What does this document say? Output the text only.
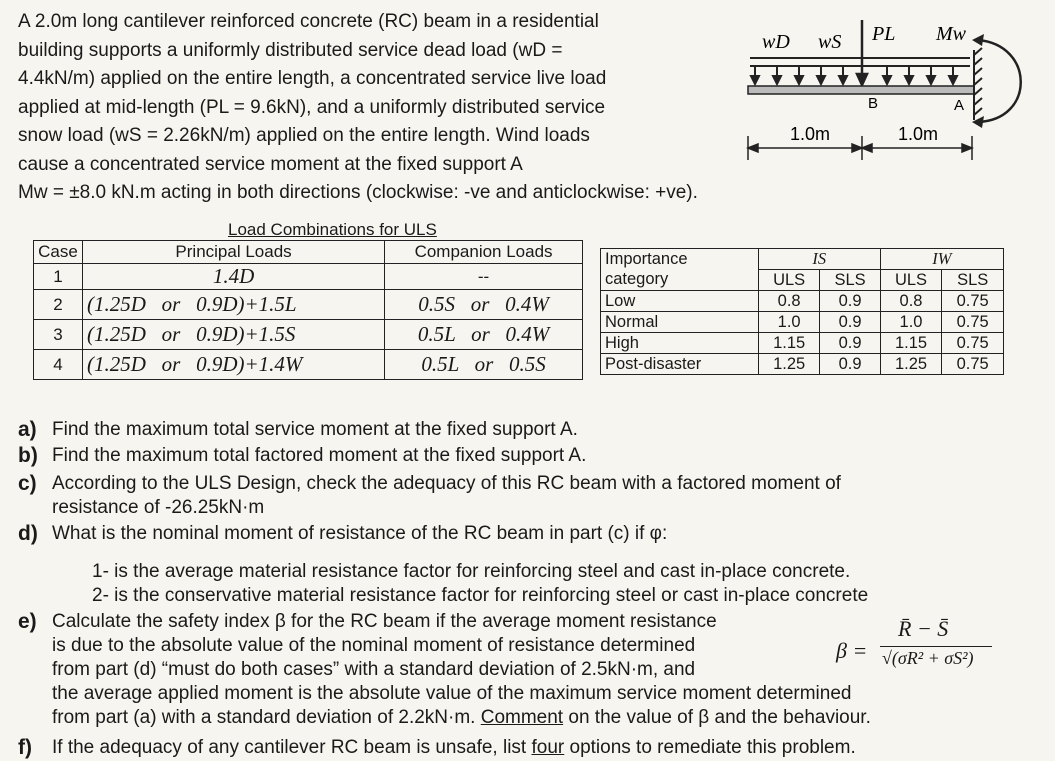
A 2.0m long cantilever reinforced concrete (RC) beam in a residential

building supports a uniformly distributed service dead load (wD =

4.4kN/m) applied on the entire length, a concentrated service live load

applied at mid-length (PL = 9.6kN), and a uniformly distributed service

snow load (wS = 2.26kN/m) applied on the entire length. Wind loads

cause a concentrated service moment at the fixed support A

Mw = ±8.0 kN.m acting in both directions (clockwise: -ve and anticlockwise: +ve).

wD wS PL Mw
B	A
1.0m	1.0m
Load Combinations for ULS
Case	Principal Loads	Companion Loads
1	1.4D	--
2	(1.25D   or   0.9D)+1.5L	0.5S   or   0.4W
3	(1.25D   or   0.9D)+1.5S	0.5L   or   0.4W
4	(1.25D   or   0.9D)+1.4W	0.5L   or   0.5S
Importance	IS		IW	
category	ULS	SLS	ULS	SLS
Low	0.8	0.9	0.8	0.75
Normal	1.0	0.9	1.0	0.75
High	1.15	0.9	1.15	0.75
Post-disaster	1.25	0.9	1.25	0.75
a) Find the maximum total service moment at the fixed support A.
b) Find the maximum total factored moment at the fixed support A.
c) According to the ULS Design, check the adequacy of this RC beam with a factored moment of
resistance of -26.25kN·m
d) What is the nominal moment of resistance of the RC beam in part (c) if φ:
1- is the average material resistance factor for reinforcing steel and cast in-place concrete.
2- is the conservative material resistance factor for reinforcing steel or cast in-place concrete
e) Calculate the safety index β for the RC beam if the average moment resistance
is due to the absolute value of the nominal moment of resistance determined
from part (d) “must do both cases” with a standard deviation of 2.5kN·m, and
the average applied moment is the absolute value of the maximum service moment determined
from part (a) with a standard deviation of 2.2kN·m. Comment on the value of β and the behaviour.
β =
R̄ − S̄
√(σR² + σS²)
f) If the adequacy of any cantilever RC beam is unsafe, list four options to remediate this problem.
